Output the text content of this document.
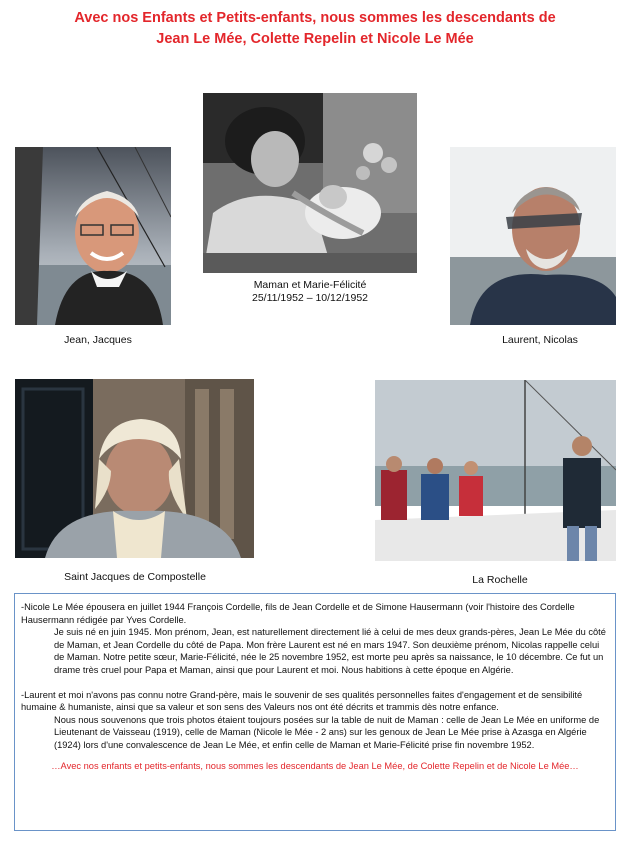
Avec nos Enfants et Petits-enfants, nous sommes les descendants de
Jean Le Mée, Colette Repelin et Nicole Le Mée
Jean, Jacques
Maman et Marie-Félicité
25/11/1952 – 10/12/1952
Laurent, Nicolas
Saint Jacques de Compostelle	La Rochelle

-Nicole Le Mée épousera en juillet 1944 François Cordelle, fils de Jean Cordelle et de Simone Hausermann (voir l'histoire des Cordelle Hausermann rédigée par Yves Cordelle.

Je suis né en juin 1945. Mon prénom, Jean, est naturellement directement lié à celui de mes deux grands-pères, Jean Le Mée du côté de Maman, et Jean Cordelle du côté de Papa. Mon frère Laurent est né en mars 1947. Son deuxième prénom, Nicolas rappelle celui de Maman. Notre petite sœur, Marie-Félicité, née le 25 novembre 1952, est morte peu après sa naissance, le 10 décembre. Ce fut un drame très cruel pour Papa et Maman, ainsi que pour Laurent et moi. Nous habitions à cette époque en Algérie.

-Laurent et moi n'avons pas connu notre Grand-père, mais le souvenir de ses qualités personnelles faites d'engagement et de sensibilité humaine & humaniste, ainsi que sa valeur et son sens des Valeurs nos ont été décrits et trammis dès notre enfance.

Nous nous souvenons que trois photos étaient toujours posées sur la table de nuit de Maman : celle de Jean Le Mée en uniforme de Lieutenant de Vaisseau (1919), celle de Maman (Nicole le Mée - 2 ans) sur les genoux de Jean Le Mée prise à Azasga en Algérie (1924) lors d'une convalescence de Jean Le Mée, et enfin celle de Maman et Marie-Félicité prise fin novembre 1952.

…Avec nos enfants et petits-enfants, nous sommes les descendants de Jean Le Mée, de Colette Repelin et de Nicole Le Mée…
